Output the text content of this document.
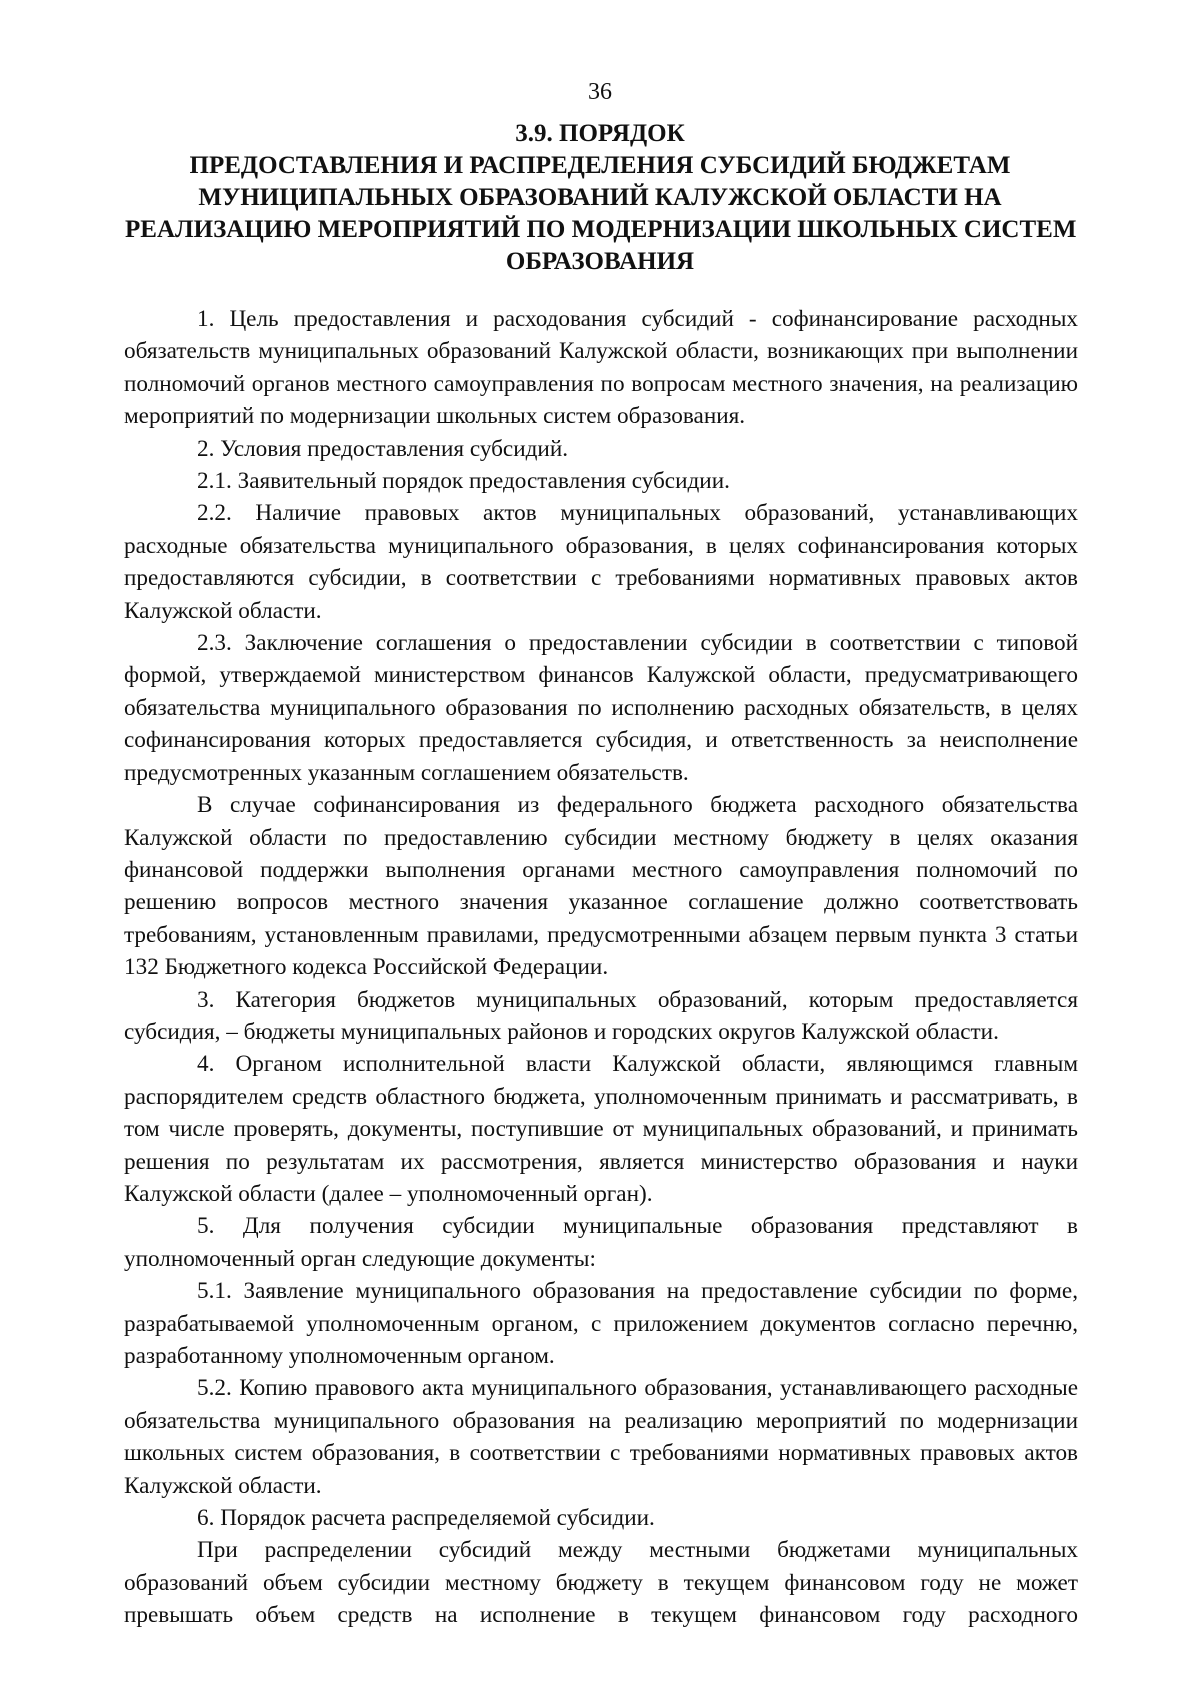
36
3.9. ПОРЯДОК
ПРЕДОСТАВЛЕНИЯ И РАСПРЕДЕЛЕНИЯ СУБСИДИЙ БЮДЖЕТАМ
МУНИЦИПАЛЬНЫХ ОБРАЗОВАНИЙ КАЛУЖСКОЙ ОБЛАСТИ НА
РЕАЛИЗАЦИЮ МЕРОПРИЯТИЙ ПО МОДЕРНИЗАЦИИ ШКОЛЬНЫХ СИСТЕМ
ОБРАЗОВАНИЯ

1. Цель предоставления и расходования субсидий - софинансирование расходных обязательств муниципальных образований Калужской области, возникающих при выполнении полномочий органов местного самоуправления по вопросам местного значения, на реализацию мероприятий по модернизации школьных систем образования.

2. Условия предоставления субсидий.

2.1. Заявительный порядок предоставления субсидии.

2.2. Наличие правовых актов муниципальных образований, устанавливающих расходные обязательства муниципального образования, в целях софинансирования которых предоставляются субсидии, в соответствии с требованиями нормативных правовых актов Калужской области.

2.3. Заключение соглашения о предоставлении субсидии в соответствии с типовой формой, утверждаемой министерством финансов Калужской области, предусматривающего обязательства муниципального образования по исполнению расходных обязательств, в целях софинансирования которых предоставляется субсидия, и ответственность за неисполнение предусмотренных указанным соглашением обязательств.

В случае софинансирования из федерального бюджета расходного обязательства Калужской области по предоставлению субсидии местному бюджету в целях оказания финансовой поддержки выполнения органами местного самоуправления полномочий по решению вопросов местного значения указанное соглашение должно соответствовать требованиям, установленным правилами, предусмотренными абзацем первым пункта 3 статьи 132 Бюджетного кодекса Российской Федерации.

3. Категория бюджетов муниципальных образований, которым предоставляется субсидия, – бюджеты муниципальных районов и городских округов Калужской области.

4. Органом исполнительной власти Калужской области, являющимся главным распорядителем средств областного бюджета, уполномоченным принимать и рассматривать, в том числе проверять, документы, поступившие от муниципальных образований, и принимать решения по результатам их рассмотрения, является министерство образования и науки Калужской области (далее – уполномоченный орган).

5. Для получения субсидии муниципальные образования представляют в уполномоченный орган следующие документы:

5.1. Заявление муниципального образования на предоставление субсидии по форме, разрабатываемой уполномоченным органом, с приложением документов согласно перечню, разработанному уполномоченным органом.

5.2. Копию правового акта муниципального образования, устанавливающего расходные обязательства муниципального образования на реализацию мероприятий по модернизации школьных систем образования, в соответствии с требованиями нормативных правовых актов Калужской области.

6. Порядок расчета распределяемой субсидии.

При распределении субсидий между местными бюджетами муниципальных образований объем субсидии местному бюджету в текущем финансовом году не может превышать объем средств на исполнение в текущем финансовом году расходного
